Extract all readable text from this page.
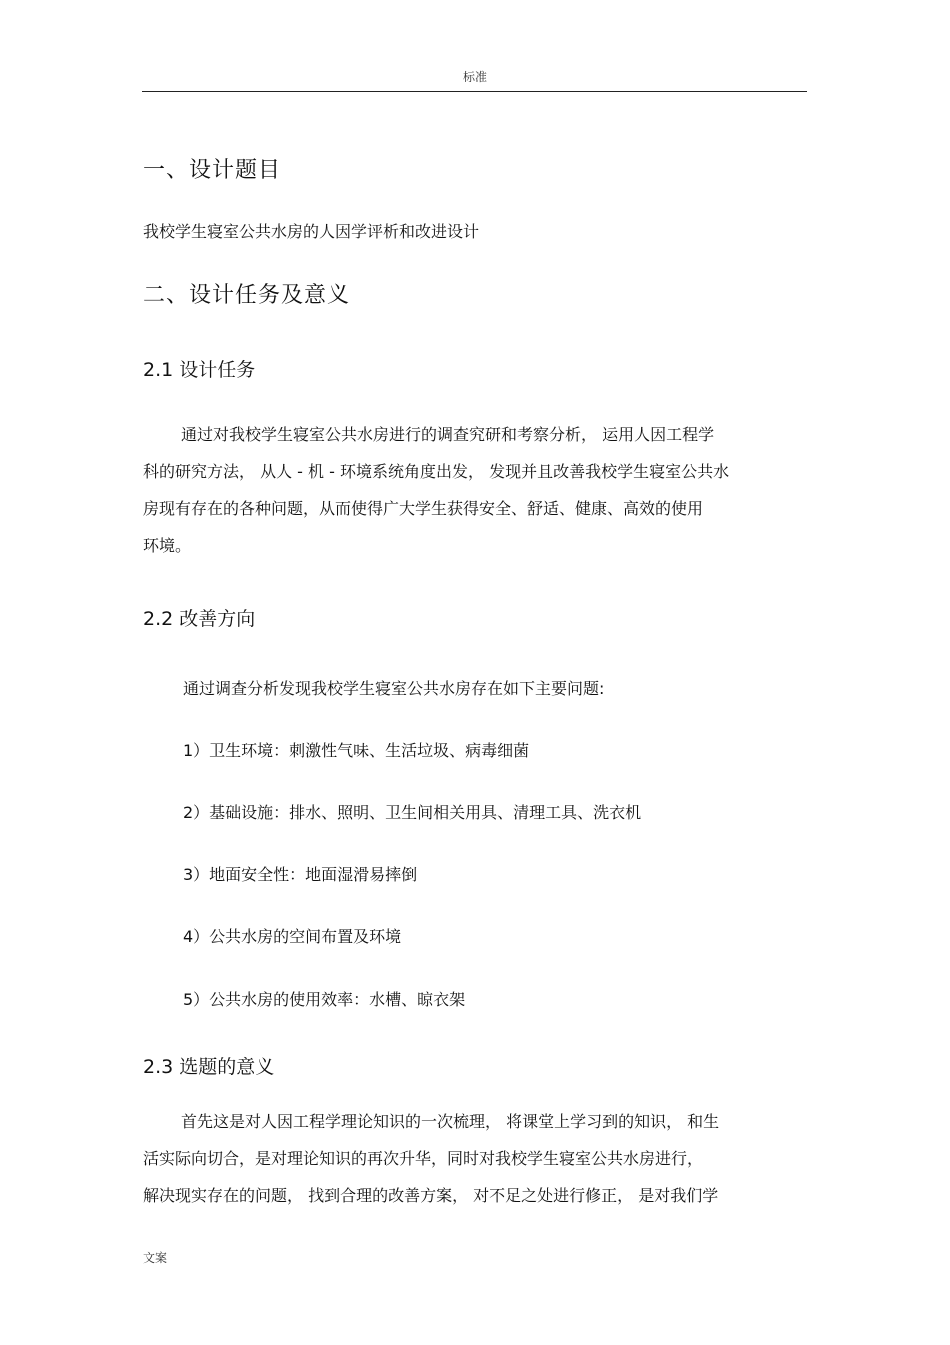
标准
一、设计题目
我校学生寝室公共水房的人因学评析和改进设计
二、设计任务及意义
2.1 设计任务
通过对我校学生寝室公共水房进行的调查究研和考察分析， 运用人因工程学
科的研究方法， 从人 - 机 - 环境系统角度出发， 发现并且改善我校学生寝室公共水
房现有存在的各种问题，从而使得广大学生获得安全、舒适、健康、高效的使用
环境。
2.2 改善方向
通过调查分析发现我校学生寝室公共水房存在如下主要问题:
1）卫生环境：刺激性气味、生活垃圾、病毒细菌
2）基础设施：排水、照明、卫生间相关用具、清理工具、洗衣机
3）地面安全性：地面湿滑易摔倒
4）公共水房的空间布置及环境
5）公共水房的使用效率：水槽、晾衣架
2.3 选题的意义
首先这是对人因工程学理论知识的一次梳理， 将课堂上学习到的知识， 和生
活实际向切合，是对理论知识的再次升华，同时对我校学生寝室公共水房进行，
解决现实存在的问题， 找到合理的改善方案， 对不足之处进行修正， 是对我们学
文案
